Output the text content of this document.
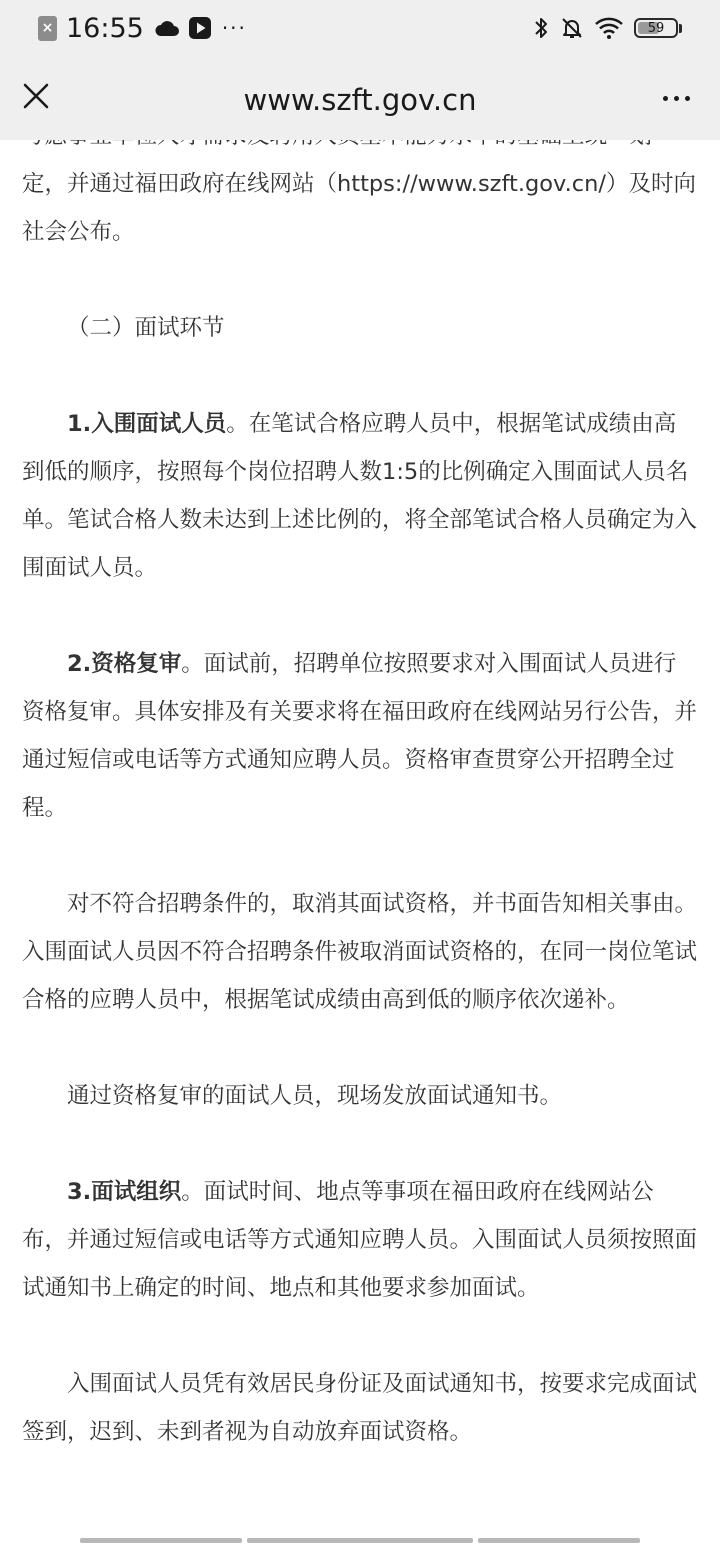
× 16:55	···	59
www.szft.gov.cn

定，并通过福田政府在线网站（https://www.szft.gov.cn/）及时向社会公布。

（二）面试环节

1.入围面试人员。在笔试合格应聘人员中，根据笔试成绩由高到低的顺序，按照每个岗位招聘人数1:5的比例确定入围面试人员名单。笔试合格人数未达到上述比例的，将全部笔试合格人员确定为入围面试人员。

2.资格复审。面试前，招聘单位按照要求对入围面试人员进行资格复审。具体安排及有关要求将在福田政府在线网站另行公告，并通过短信或电话等方式通知应聘人员。资格审查贯穿公开招聘全过程。

对不符合招聘条件的，取消其面试资格，并书面告知相关事由。入围面试人员因不符合招聘条件被取消面试资格的，在同一岗位笔试合格的应聘人员中，根据笔试成绩由高到低的顺序依次递补。

通过资格复审的面试人员，现场发放面试通知书。

3.面试组织。面试时间、地点等事项在福田政府在线网站公布，并通过短信或电话等方式通知应聘人员。入围面试人员须按照面试通知书上确定的时间、地点和其他要求参加面试。

入围面试人员凭有效居民身份证及面试通知书，按要求完成面试签到，迟到、未到者视为自动放弃面试资格。
